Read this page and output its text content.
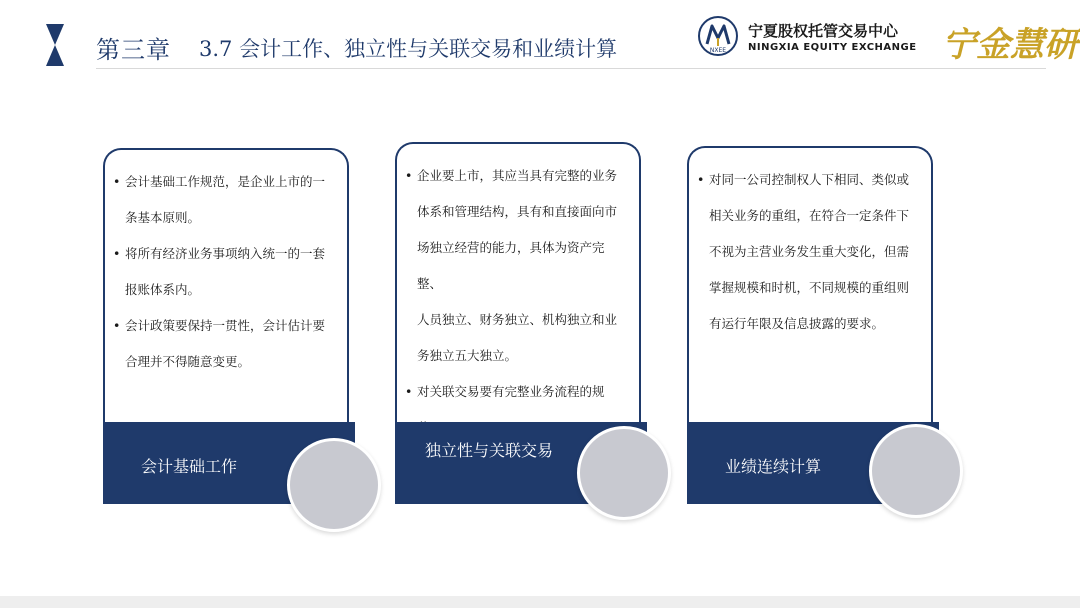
第三章 3.7 会计工作、独立性与关联交易和业绩计算	NXEE
宁夏股权托管交易中心
NINGXIA EQUITY EXCHANGE 宁金慧研
• 会计基础工作规范，是企业上市的一
条基本原则。
• 将所有经济业务事项纳入统一的一套
报账体系内。
• 会计政策要保持一贯性，会计估计要
合理并不得随意变更。
会计基础工作
• 企业要上市，其应当具有完整的业务
体系和管理结构，具有和直接面向市
场独立经营的能力，具体为资产完整、
人员独立、财务独立、机构独立和业
务独立五大独立。
• 对关联交易要有完整业务流程的规

独立性与关联交易
• 对同一公司控制权人下相同、类似或
相关业务的重组，在符合一定条件下
不视为主营业务发生重大变化，但需
掌握规模和时机，不同规模的重组则
有运行年限及信息披露的要求。
业绩连续计算
